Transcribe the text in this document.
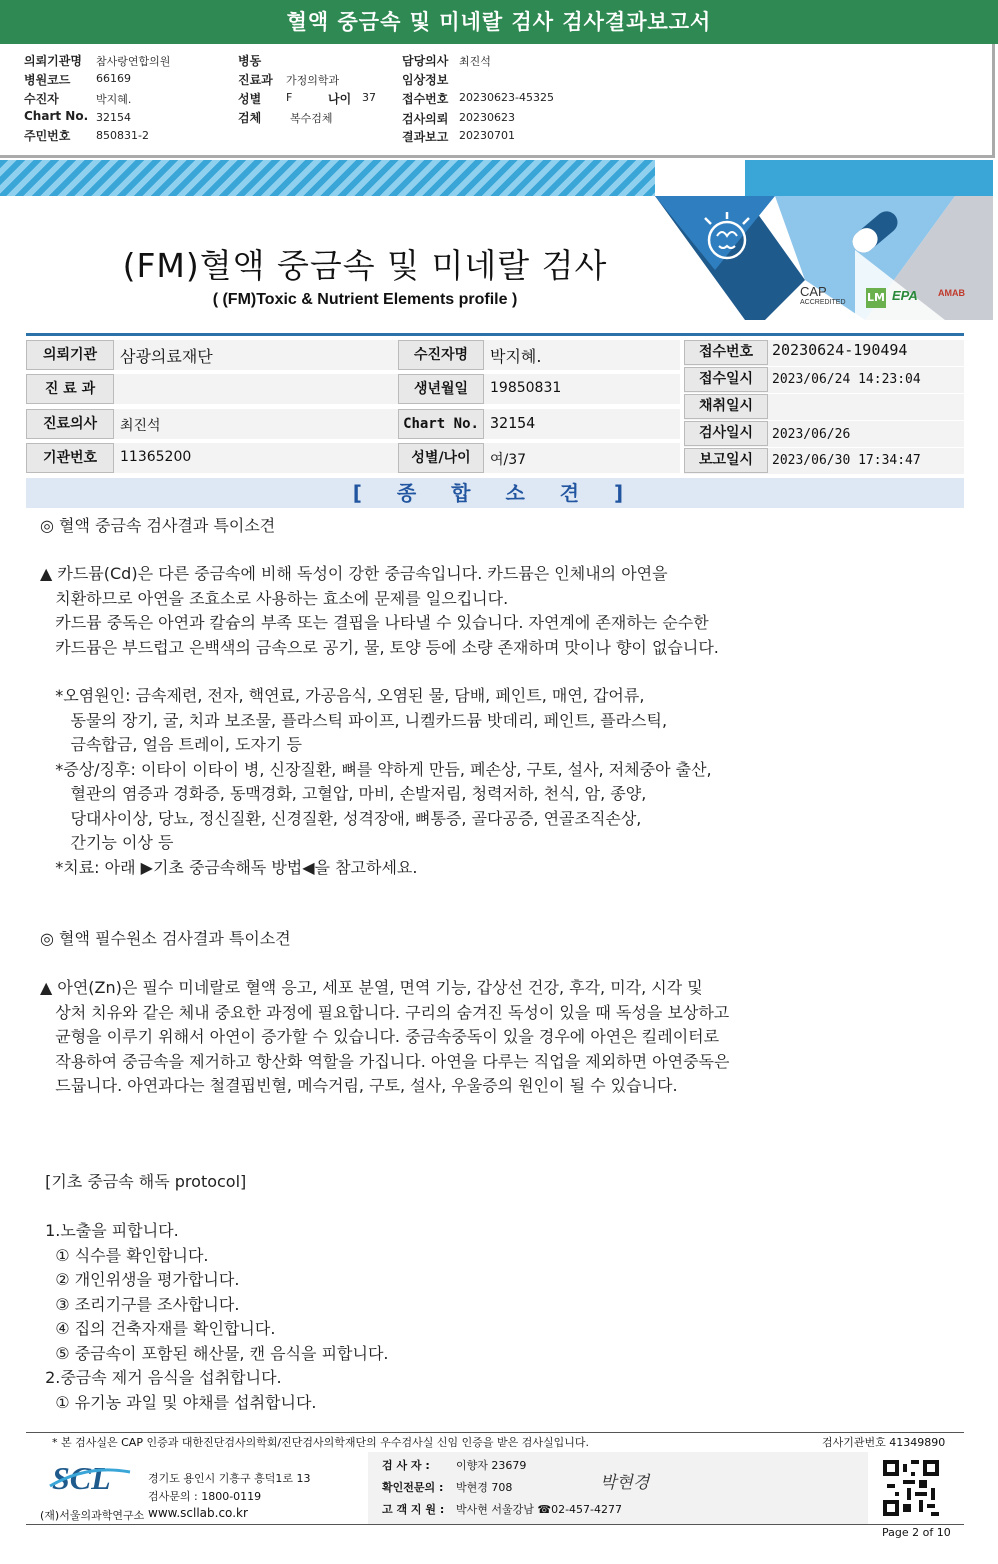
혈액 중금속 및 미네랄 검사 검사결과보고서
의뢰기관명 참사랑연합의원
병원코드 66169
수진자	박지혜.
Chart No. 32154
주민번호 850831-2
병동
진료과 가정의학과
성별 F	나이 37
검체	복수검체
담당의사 최진석
임상정보
접수번호 20230623-45325
검사의뢰 20230623
결과보고 20230701
CAP
ACCREDITED LM EPA AMAB
(FM)혈액 중금속 및 미네랄 검사
( (FM)Toxic & Nutrient Elements profile )
의뢰기관	삼광의료재단
진 료 과
진료의사	최진석
기관번호	11365200
수진자명	박지혜.
생년월일	19850831
Chart No. 32154
성별/나이	여/37
접수번호	20230624-190494
접수일시	2023/06/24 14:23:04
채취일시
검사일시	2023/06/26
보고일시	2023/06/30 17:34:47
[ 종 합 소 견 ]
◎ 혈액 중금속 검사결과 특이소견
▲ 카드뮴(Cd)은 다른 중금속에 비해 독성이 강한 중금속입니다. 카드뮴은 인체내의 아연을
치환하므로 아연을 조효소로 사용하는 효소에 문제를 일으킵니다.
카드뮴 중독은 아연과 칼슘의 부족 또는 결핍을 나타낼 수 있습니다. 자연계에 존재하는 순수한
카드뮴은 부드럽고 은백색의 금속으로 공기, 물, 토양 등에 소량 존재하며 맛이나 향이 없습니다.
*오염원인: 금속제련, 전자, 핵연료, 가공음식, 오염된 물, 담배, 페인트, 매연, 갑어류,
동물의 장기, 굴, 치과 보조물, 플라스틱 파이프, 니켈카드뮴 밧데리, 페인트, 플라스틱,
금속합금, 얼음 트레이, 도자기 등
*증상/징후: 이타이 이타이 병, 신장질환, 뼈를 약하게 만듬, 폐손상, 구토, 설사, 저체중아 출산,
혈관의 염증과 경화증, 동맥경화, 고혈압, 마비, 손발저림, 청력저하, 천식, 암, 종양,
당대사이상, 당뇨, 정신질환, 신경질환, 성격장애, 뼈통증, 골다공증, 연골조직손상,
간기능 이상 등
*치료: 아래 ▶기초 중금속해독 방법◀을 참고하세요.
◎ 혈액 필수원소 검사결과 특이소견
▲ 아연(Zn)은 필수 미네랄로 혈액 응고, 세포 분열, 면역 기능, 갑상선 건강, 후각, 미각, 시각 및
상처 치유와 같은 체내 중요한 과정에 필요합니다. 구리의 숨겨진 독성이 있을 때 독성을 보상하고
균형을 이루기 위해서 아연이 증가할 수 있습니다. 중금속중독이 있을 경우에 아연은 킬레이터로
작용하여 중금속을 제거하고 항산화 역할을 가집니다. 아연을 다루는 직업을 제외하면 아연중독은
드뭅니다. 아연과다는 철결핍빈혈, 메슥거림, 구토, 설사, 우울증의 원인이 될 수 있습니다.
[기초 중금속 해독 protocol]
1.노출을 피합니다.
① 식수를 확인합니다.
② 개인위생을 평가합니다.
③ 조리기구를 조사합니다.
④ 집의 건축자재를 확인합니다.
⑤ 중금속이 포함된 해산물, 캔 음식을 피합니다.
2.중금속 제거 음식을 섭취합니다.
① 유기농 과일 및 야채를 섭취합니다.
* 본 검사실은 CAP 인증과 대한진단검사의학회/진단검사의학재단의 우수검사실 신임 인증을 받은 검사실입니다.	검사기관번호 41349890
SCL
(재)서울의과학연구소
경기도 용인시 기흥구 흥덕1로 13
검사문의 : 1800-0119
www.scllab.co.kr
검 사 자 : 이향자 23679
확인전문의 : 박현경 708	박현경
고 객 지 원 : 박사현 서울강남 ☎02-457-4277
Page 2 of 10
